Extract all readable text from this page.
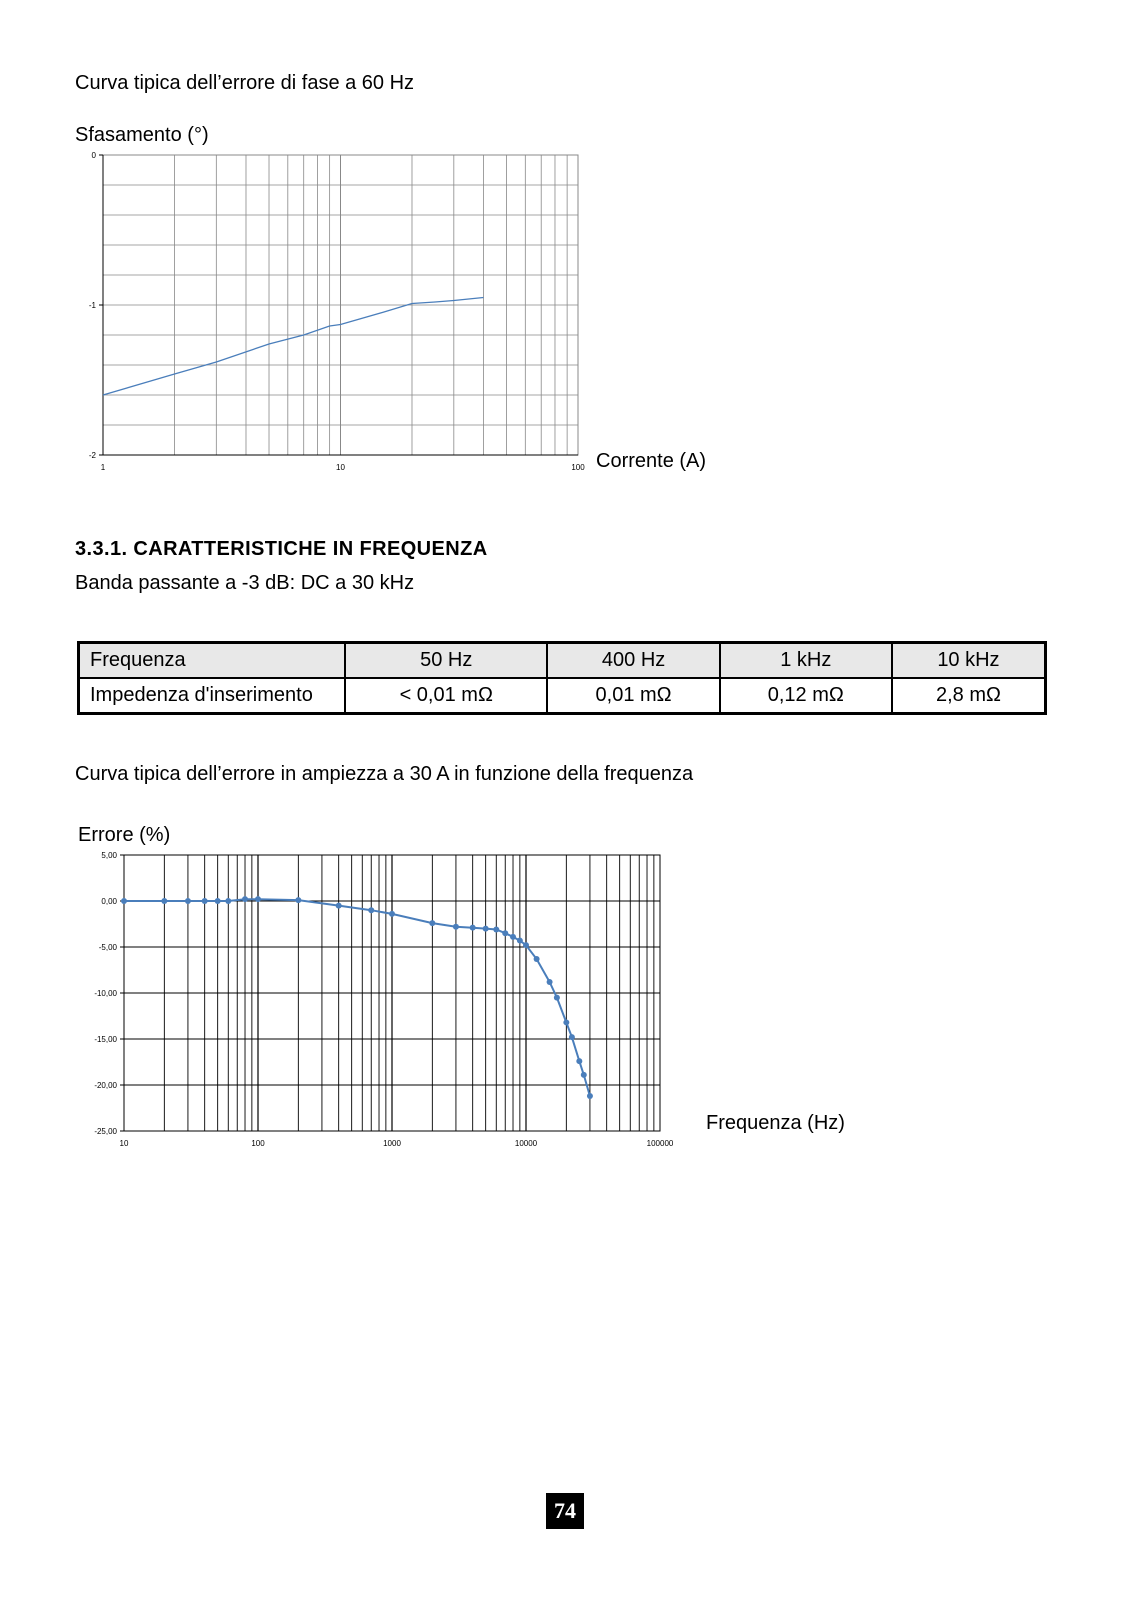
Curva tipica dell’errore di fase a 60 Hz
0
-1
-2
1	10	100
Sfasamento (°)
Corrente (A)
3.3.1. CARATTERISTICHE IN FREQUENZA
Banda passante a -3 dB: DC a 30 kHz
Frequenza	50 Hz	400 Hz	1 kHz	10 kHz
Impedenza d'inserimento	< 0,01 mΩ	0,01 mΩ	0,12 mΩ	2,8 mΩ
Curva tipica dell’errore in ampiezza a 30 A in funzione della frequenza
5,00
0,00
-5,00
-10,00
-15,00
-20,00
-25,00
10	100	1000	10000	100000
Errore (%)
Frequenza (Hz)
74
